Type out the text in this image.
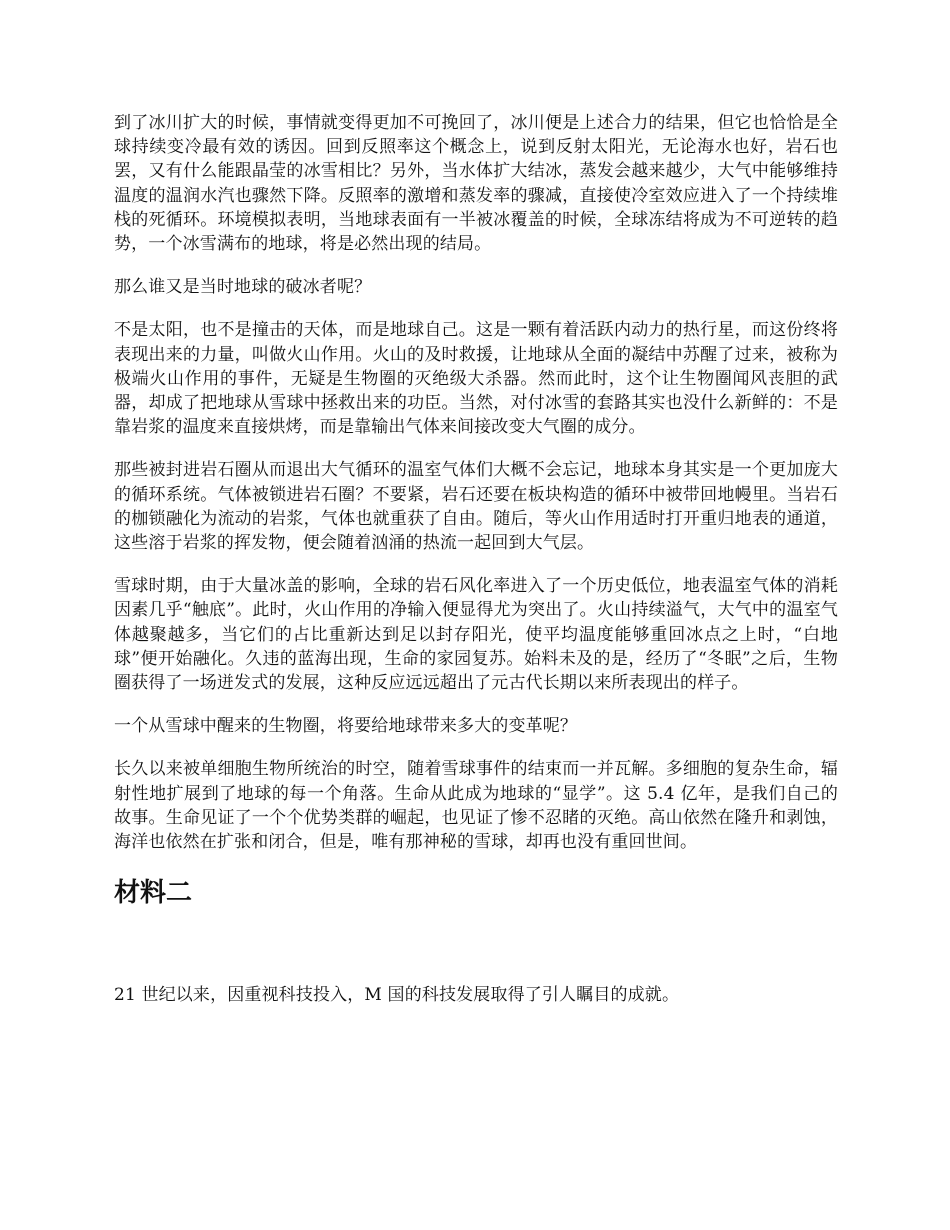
到了冰川扩大的时候，事情就变得更加不可挽回了，冰川便是上述合力的结果，但它也恰恰是全球持续变冷最有效的诱因。回到反照率这个概念上，说到反射太阳光，无论海水也好，岩石也罢，又有什么能跟晶莹的冰雪相比？另外，当水体扩大结冰，蒸发会越来越少，大气中能够维持温度的温润水汽也骤然下降。反照率的激增和蒸发率的骤减，直接使冷室效应进入了一个持续堆栈的死循环。环境模拟表明，当地球表面有一半被冰覆盖的时候，全球冻结将成为不可逆转的趋势，一个冰雪满布的地球，将是必然出现的结局。

那么谁又是当时地球的破冰者呢？

不是太阳，也不是撞击的天体，而是地球自己。这是一颗有着活跃内动力的热行星，而这份终将表现出来的力量，叫做火山作用。火山的及时救援，让地球从全面的凝结中苏醒了过来，被称为极端火山作用的事件，无疑是生物圈的灭绝级大杀器。然而此时，这个让生物圈闻风丧胆的武器，却成了把地球从雪球中拯救出来的功臣。当然，对付冰雪的套路其实也没什么新鲜的：不是靠岩浆的温度来直接烘烤，而是靠输出气体来间接改变大气圈的成分。

那些被封进岩石圈从而退出大气循环的温室气体们大概不会忘记，地球本身其实是一个更加庞大的循环系统。气体被锁进岩石圈？不要紧，岩石还要在板块构造的循环中被带回地幔里。当岩石的枷锁融化为流动的岩浆，气体也就重获了自由。随后，等火山作用适时打开重归地表的通道，这些溶于岩浆的挥发物，便会随着汹涌的热流一起回到大气层。

雪球时期，由于大量冰盖的影响，全球的岩石风化率进入了一个历史低位，地表温室气体的消耗因素几乎“触底”。此时，火山作用的净输入便显得尤为突出了。火山持续溢气，大气中的温室气体越聚越多，当它们的占比重新达到足以封存阳光，使平均温度能够重回冰点之上时，“白地球”便开始融化。久违的蓝海出现，生命的家园复苏。始料未及的是，经历了“冬眠”之后，生物圈获得了一场迸发式的发展，这种反应远远超出了元古代长期以来所表现出的样子。

一个从雪球中醒来的生物圈，将要给地球带来多大的变革呢？

长久以来被单细胞生物所统治的时空，随着雪球事件的结束而一并瓦解。多细胞的复杂生命，辐射性地扩展到了地球的每一个角落。生命从此成为地球的“显学”。这 5.4 亿年，是我们自己的故事。生命见证了一个个优势类群的崛起，也见证了惨不忍睹的灭绝。高山依然在隆升和剥蚀，海洋也依然在扩张和闭合，但是，唯有那神秘的雪球，却再也没有重回世间。

材料二

21 世纪以来，因重视科技投入，M 国的科技发展取得了引人瞩目的成就。
